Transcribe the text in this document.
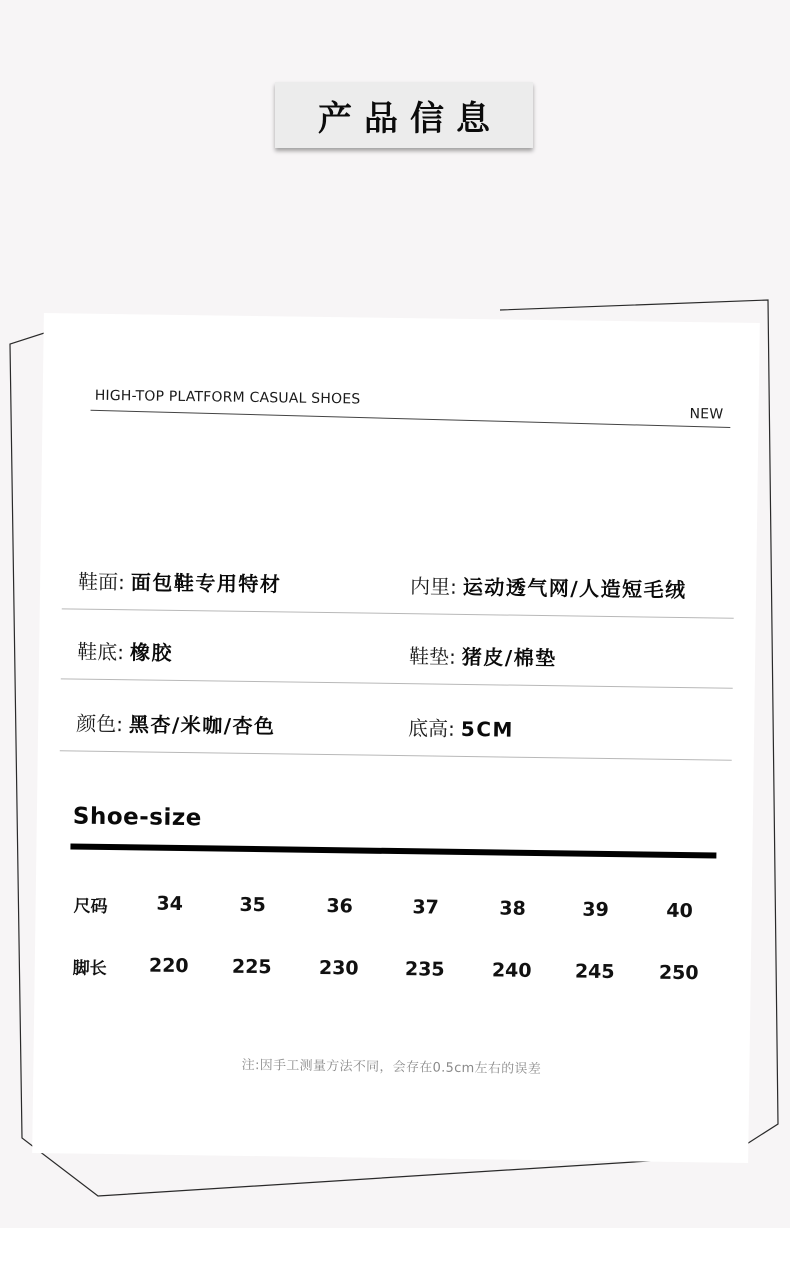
产品信息
HIGH-TOP PLATFORM CASUAL SHOES
NEW
鞋面 : 面包鞋专用特材	内里 : 运动透气网/人造短毛绒
鞋底 : 橡胶	鞋垫 : 猪皮/棉垫
颜色 : 黑杏/米咖/杏色	底高 : 5CM
Shoe-size
尺码	34	35	36	37	38	39	40
脚长	220	225	230	235	240	245	250
注:因手工测量方法不同，会存在0.5cm左右的误差
